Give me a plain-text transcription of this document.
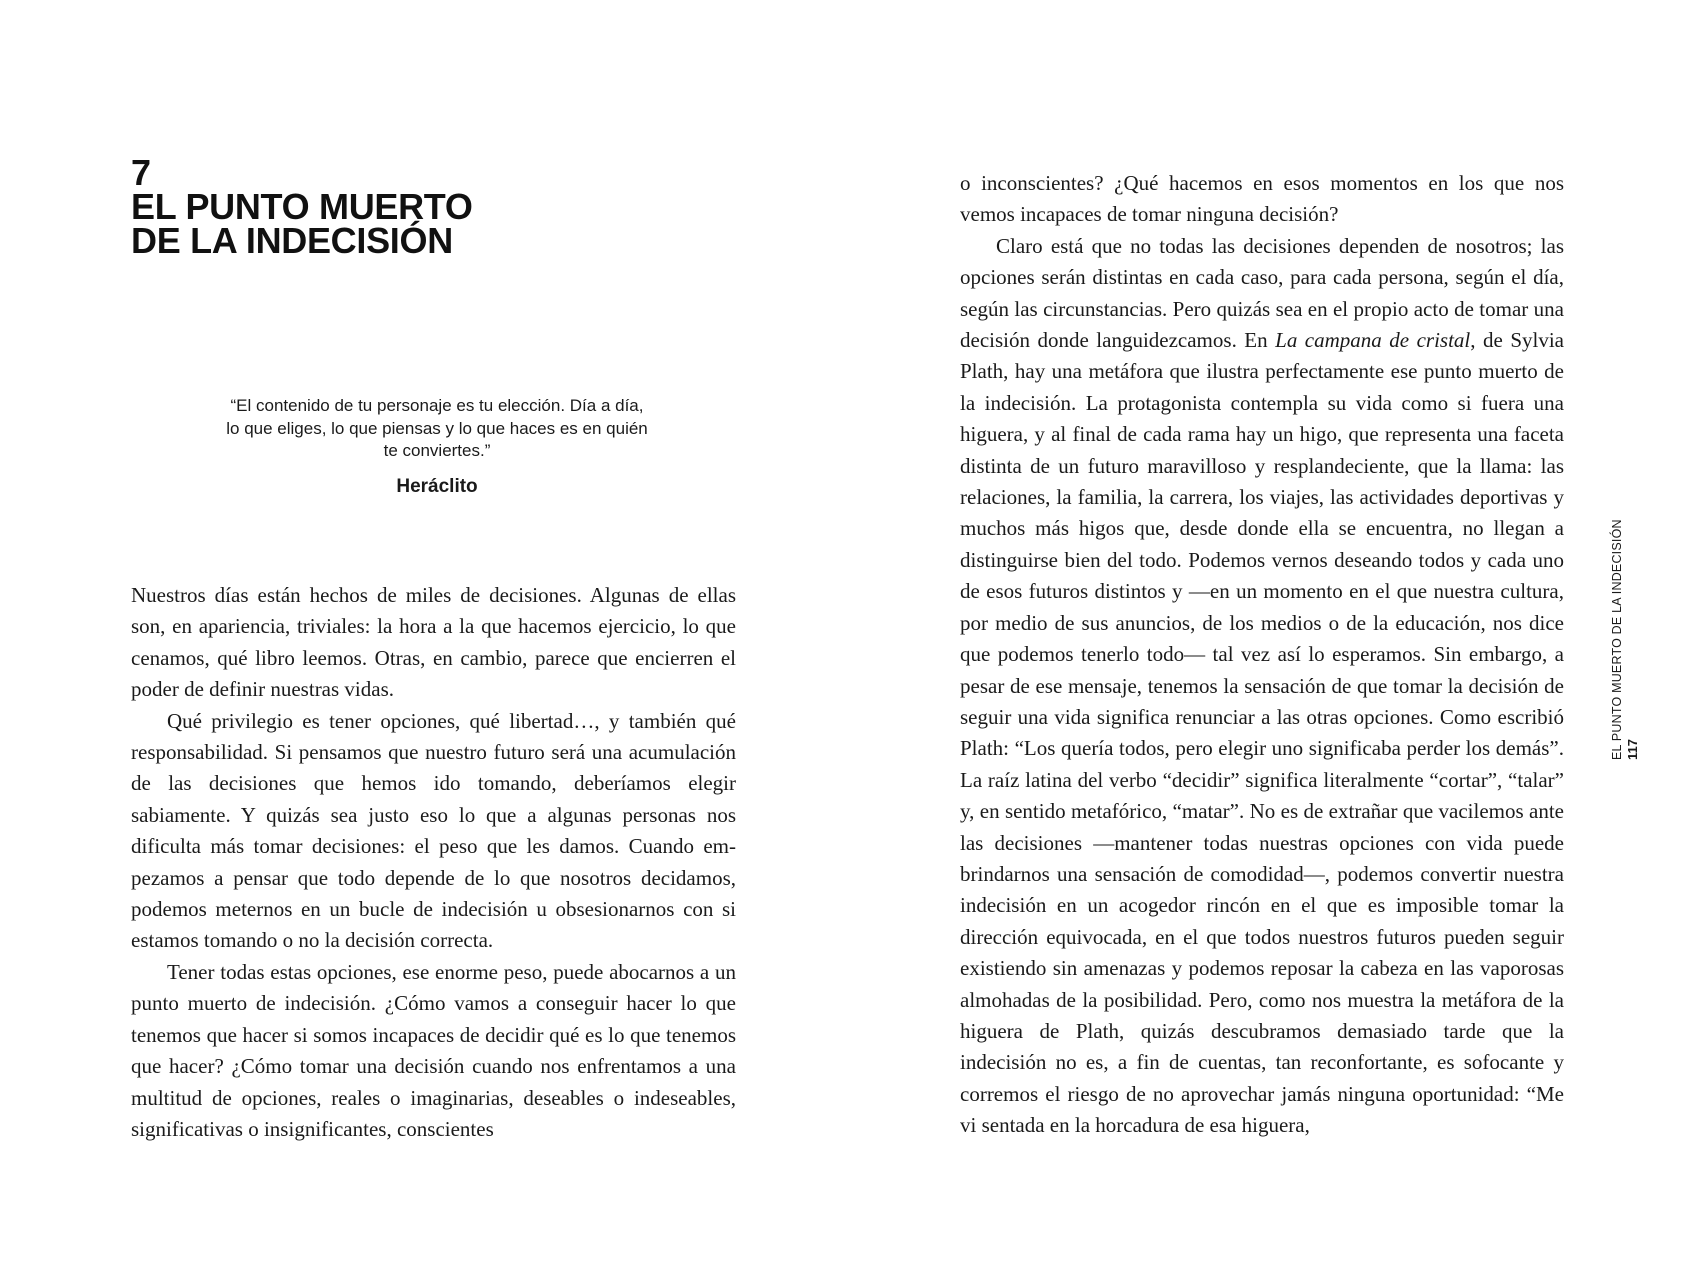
7
EL PUNTO MUERTO
DE LA INDECISIÓN

“El contenido de tu personaje es tu elección. Día a día, lo que eliges, lo que piensas y lo que haces es en quién te conviertes.”

Heráclito

Nuestros días están hechos de miles de decisiones. Algunas de ellas son, en apariencia, triviales: la hora a la que hacemos ejercicio, lo que cenamos, qué libro leemos. Otras, en cambio, parece que encierren el poder de definir nuestras vidas.

Qué privilegio es tener opciones, qué libertad…, y también qué responsabilidad. Si pensamos que nuestro futuro será una acumulación de las decisiones que hemos ido tomando, deberíamos elegir sabiamente. Y quizás sea justo eso lo que a algunas personas nos dificulta más tomar decisiones: el peso que les damos. Cuando empezamos a pensar que todo depende de lo que nosotros decidamos, podemos meternos en un bucle de indecisión u obsesionarnos con si estamos tomando o no la decisión correcta.

Tener todas estas opciones, ese enorme peso, puede abocarnos a un punto muerto de indecisión. ¿Cómo vamos a conseguir hacer lo que tenemos que hacer si somos incapaces de decidir qué es lo que tenemos que hacer? ¿Cómo tomar una decisión cuando nos enfrentamos a una multitud de opciones, reales o imaginarias, deseables o indeseables, significativas o insignificantes, conscientes

o inconscientes? ¿Qué hacemos en esos momentos en los que nos vemos incapaces de tomar ninguna decisión?

Claro está que no todas las decisiones dependen de nosotros; las opciones serán distintas en cada caso, para cada persona, según el día, según las circunstancias. Pero quizás sea en el propio acto de tomar una decisión donde languidezcamos. En La campana de cristal, de Sylvia Plath, hay una metáfora que ilustra perfectamente ese punto muerto de la indecisión. La protagonista contempla su vida como si fuera una higuera, y al final de cada rama hay un higo, que representa una faceta distinta de un futuro maravilloso y resplandeciente, que la llama: las relaciones, la familia, la carrera, los viajes, las actividades deportivas y muchos más higos que, desde donde ella se encuentra, no llegan a distinguirse bien del todo. Podemos vernos deseando todos y cada uno de esos futuros distintos y —en un momento en el que nuestra cultura, por medio de sus anuncios, de los medios o de la educación, nos dice que podemos tenerlo todo— tal vez así lo esperamos. Sin embargo, a pesar de ese mensaje, tenemos la sensación de que tomar la decisión de seguir una vida significa renunciar a las otras opciones. Como escribió Plath: “Los quería todos, pero elegir uno significaba perder los demás”. La raíz latina del verbo “decidir” significa literalmente “cortar”, “talar” y, en sentido metafórico, “matar”. No es de extrañar que vacilemos ante las decisiones —mantener todas nuestras opciones con vida puede brindarnos una sensación de comodidad—, podemos convertir nuestra indecisión en un acogedor rincón en el que es imposible tomar la dirección equivocada, en el que todos nuestros futuros pueden seguir existiendo sin amenazas y podemos reposar la cabeza en las vaporosas almohadas de la posibilidad. Pero, como nos muestra la metáfora de la higuera de Plath, quizás descubramos demasiado tarde que la indecisión no es, a fin de cuentas, tan reconfortante, es sofocante y corremos el riesgo de no aprovechar jamás ninguna oportunidad: “Me vi sentada en la horcadura de esa higuera,

EL PUNTO MUERTO DE LA INDECISIÓN 117
